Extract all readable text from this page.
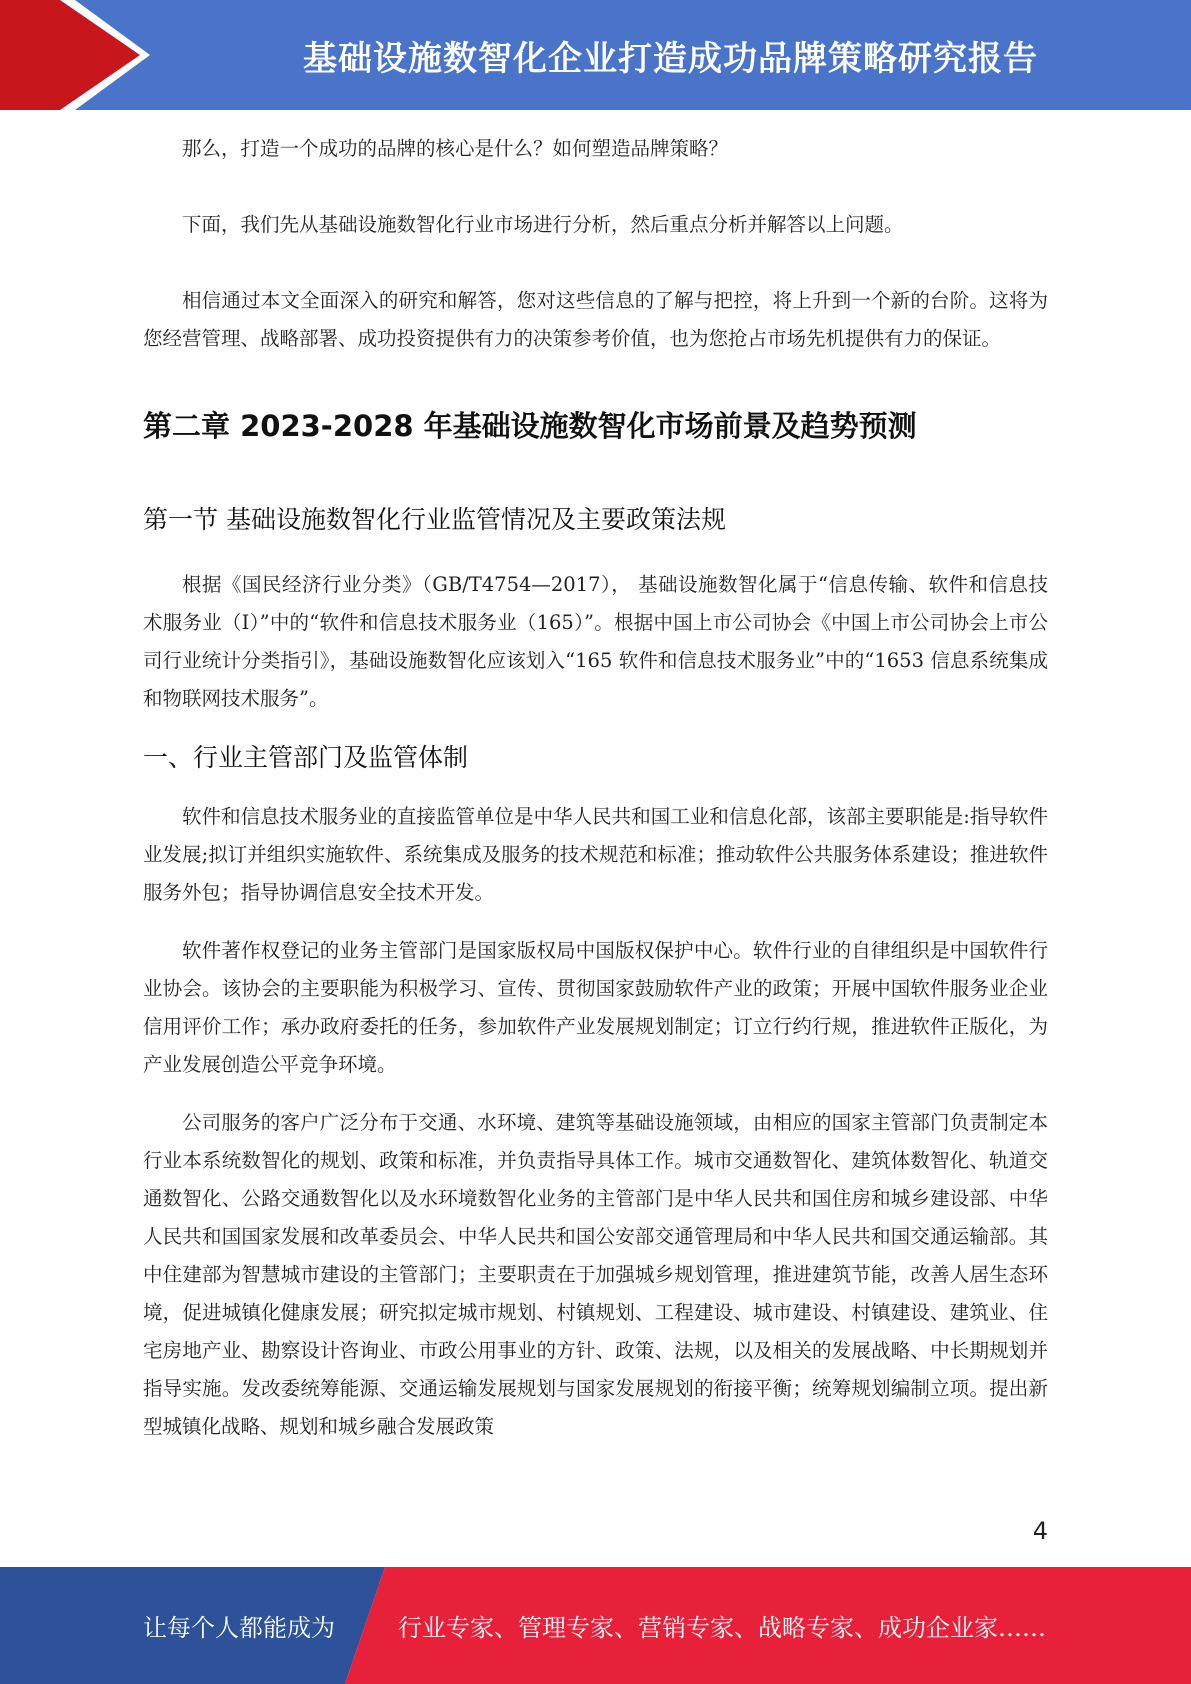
基础设施数智化企业打造成功品牌策略研究报告

那么，打造一个成功的品牌的核心是什么？如何塑造品牌策略？

下面，我们先从基础设施数智化行业市场进行分析，然后重点分析并解答以上问题。

相信通过本文全面深入的研究和解答，您对这些信息的了解与把控，将上升到一个新的台阶。这将为您经营管理、战略部署、成功投资提供有力的决策参考价值，也为您抢占市场先机提供有力的保证。

第二章 2023-2028 年基础设施数智化市场前景及趋势预测
第一节 基础设施数智化行业监管情况及主要政策法规

根据《国民经济行业分类》（GB/T4754—2017）， 基础设施数智化属于“信息传输、软件和信息技术服务业（I）”中的“软件和信息技术服务业（165）”。根据中国上市公司协会《中国上市公司协会上市公司行业统计分类指引》，基础设施数智化应该划入“165 软件和信息技术服务业”中的“1653 信息系统集成和物联网技术服务”。

一、行业主管部门及监管体制

软件和信息技术服务业的直接监管单位是中华人民共和国工业和信息化部，该部主要职能是:指导软件业发展;拟订并组织实施软件、系统集成及服务的技术规范和标准；推动软件公共服务体系建设；推进软件服务外包；指导协调信息安全技术开发。

软件著作权登记的业务主管部门是国家版权局中国版权保护中心。软件行业的自律组织是中国软件行业协会。该协会的主要职能为积极学习、宣传、贯彻国家鼓励软件产业的政策；开展中国软件服务业企业信用评价工作；承办政府委托的任务，参加软件产业发展规划制定；订立行约行规，推进软件正版化，为产业发展创造公平竞争环境。

公司服务的客户广泛分布于交通、水环境、建筑等基础设施领域，由相应的国家主管部门负责制定本行业本系统数智化的规划、政策和标准，并负责指导具体工作。城市交通数智化、建筑体数智化、轨道交通数智化、公路交通数智化以及水环境数智化业务的主管部门是中华人民共和国住房和城乡建设部、中华人民共和国国家发展和改革委员会、中华人民共和国公安部交通管理局和中华人民共和国交通运输部。其中住建部为智慧城市建设的主管部门；主要职责在于加强城乡规划管理，推进建筑节能，改善人居生态环境，促进城镇化健康发展；研究拟定城市规划、村镇规划、工程建设、城市建设、村镇建设、建筑业、住宅房地产业、勘察设计咨询业、市政公用事业的方针、政策、法规，以及相关的发展战略、中长期规划并指导实施。发改委统筹能源、交通运输发展规划与国家发展规划的衔接平衡；统筹规划编制立项。提出新型城镇化战略、规划和城乡融合发展政策

4
让每个人都能成为	行业专家、管理专家、营销专家、战略专家、成功企业家……
